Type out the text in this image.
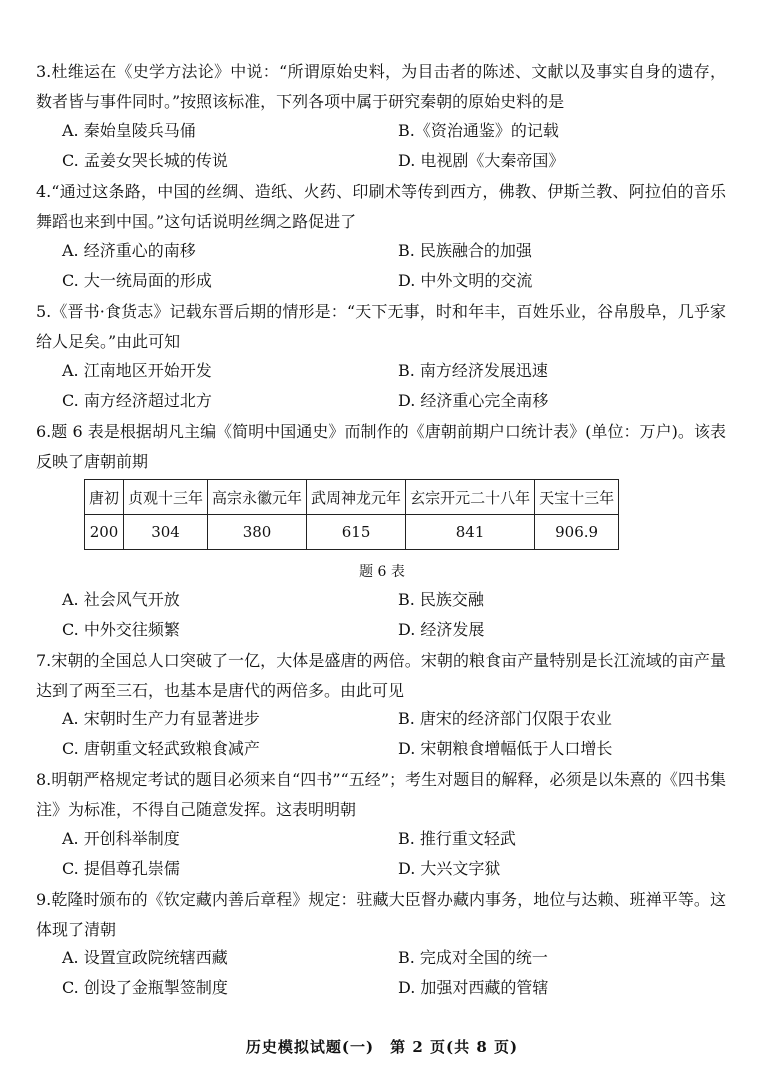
3.杜维运在《史学方法论》中说：“所谓原始史料，为目击者的陈述、文献以及事实自身的遗存，数者皆与事件同时。”按照该标准，下列各项中属于研究秦朝的原始史料的是

A. 秦始皇陵兵马俑	B.《资治通鉴》的记载
C. 孟姜女哭长城的传说	D. 电视剧《大秦帝国》

4.“通过这条路，中国的丝绸、造纸、火药、印刷术等传到西方，佛教、伊斯兰教、阿拉伯的音乐舞蹈也来到中国。”这句话说明丝绸之路促进了

A. 经济重心的南移	B. 民族融合的加强
C. 大一统局面的形成	D. 中外文明的交流

5.《晋书·食货志》记载东晋后期的情形是：“天下无事，时和年丰，百姓乐业，谷帛殷阜，几乎家给人足矣。”由此可知

A. 江南地区开始开发	B. 南方经济发展迅速
C. 南方经济超过北方	D. 经济重心完全南移

6.题 6 表是根据胡凡主编《简明中国通史》而制作的《唐朝前期户口统计表》(单位：万户)。该表反映了唐朝前期

唐初	贞观十三年	高宗永徽元年	武周神龙元年	玄宗开元二十八年	天宝十三年
200	304	380	615	841	906.9
题 6 表
A. 社会风气开放	B. 民族交融
C. 中外交往频繁	D. 经济发展

7.宋朝的全国总人口突破了一亿，大体是盛唐的两倍。宋朝的粮食亩产量特别是长江流域的亩产量达到了两至三石，也基本是唐代的两倍多。由此可见

A. 宋朝时生产力有显著进步	B. 唐宋的经济部门仅限于农业
C. 唐朝重文轻武致粮食减产	D. 宋朝粮食增幅低于人口增长

8.明朝严格规定考试的题目必须来自“四书”“五经”；考生对题目的解释，必须是以朱熹的《四书集注》为标准，不得自己随意发挥。这表明明朝

A. 开创科举制度	B. 推行重文轻武
C. 提倡尊孔崇儒	D. 大兴文字狱

9.乾隆时颁布的《钦定藏内善后章程》规定：驻藏大臣督办藏内事务，地位与达赖、班禅平等。这体现了清朝

A. 设置宣政院统辖西藏	B. 完成对全国的统一
C. 创设了金瓶掣签制度	D. 加强对西藏的管辖
历史模拟试题(一)　第 2 页(共 8 页)
